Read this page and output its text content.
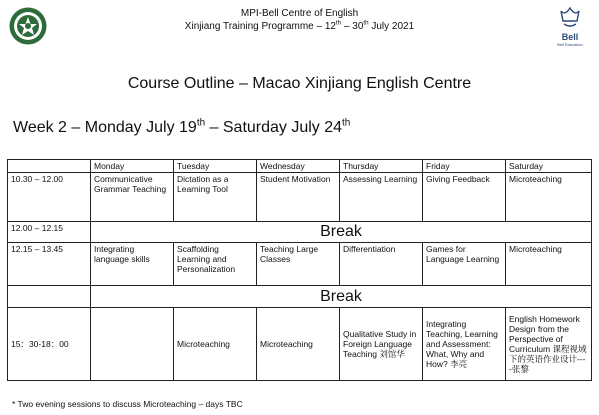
Bell
Bell Education
MPI-Bell Centre of English
Xinjiang Training Programme – 12th – 30th July 2021
Course Outline – Macao Xinjiang English Centre
Week 2 – Monday July 19th – Saturday July 24th
	Monday	Tuesday	Wednesday	Thursday	Friday	Saturday
10.30 – 12.00	Communicative Grammar Teaching	Dictation as a Learning Tool	Student Motivation	Assessing Learning	Giving Feedback	Microteaching
12.00 – 12.15	Break					
12.15 – 13.45	Integrating language skills	Scaffolding Learning and Personalization	Teaching Large Classes	Differentiation	Games for Language Learning	Microteaching
	Break					
15：30-18：00		Microteaching	Microteaching	Qualitative Study in Foreign Language Teaching 刘馆华	Integrating Teaching, Learning and Assessment: What, Why and How? 李亮	English Homework Design from the Perspective of Curriculum 课程视域下的英语作业设计----张黎
* Two evening sessions to discuss Microteaching – days TBC
